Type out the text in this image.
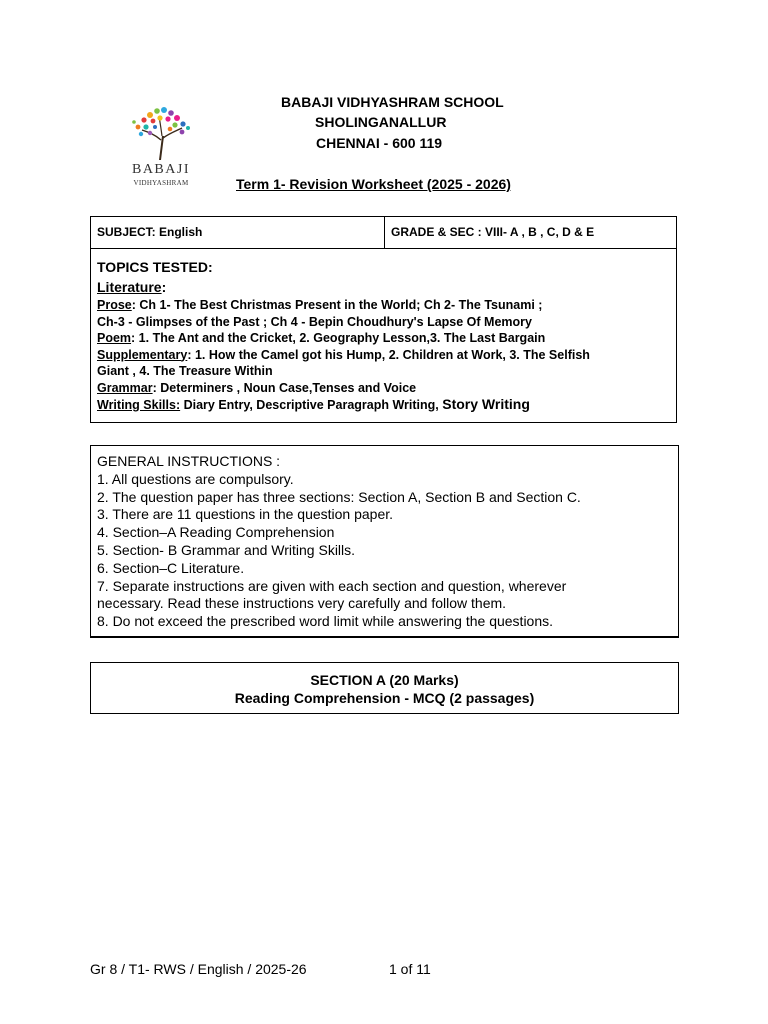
BABAJI
VIDHYASHRAM
BABAJI VIDHYASHRAM SCHOOL
SHOLINGANALLUR
CHENNAI - 600 119
Term 1- Revision Worksheet (2025 - 2026)
SUBJECT: English	GRADE & SEC : VIII- A , B , C, D & E
TOPICS TESTED:
Literature:
Prose: Ch 1- The Best Christmas Present in the World; Ch 2- The Tsunami ;
Ch-3 - Glimpses of the Past ; Ch 4 - Bepin Choudhury's Lapse Of Memory
Poem: 1. The Ant and the Cricket, 2. Geography Lesson,3. The Last Bargain
Supplementary: 1. How the Camel got his Hump, 2. Children at Work, 3. The Selfish
Giant , 4. The Treasure Within
Grammar: Determiners , Noun Case,Tenses and Voice
Writing Skills: Diary Entry, Descriptive Paragraph Writing, Story Writing
GENERAL INSTRUCTIONS :
1. All questions are compulsory.
2. The question paper has three sections: Section A, Section B and Section C.
3. There are 11 questions in the question paper.
4. Section–A Reading Comprehension
5. Section- B Grammar and Writing Skills.
6. Section–C Literature.
7. Separate instructions are given with each section and question, wherever
necessary. Read these instructions very carefully and follow them.
8. Do not exceed the prescribed word limit while answering the questions.
SECTION A (20 Marks)
Reading Comprehension - MCQ (2 passages)
Gr 8 / T1- RWS / English / 2025-26	1 of 11
